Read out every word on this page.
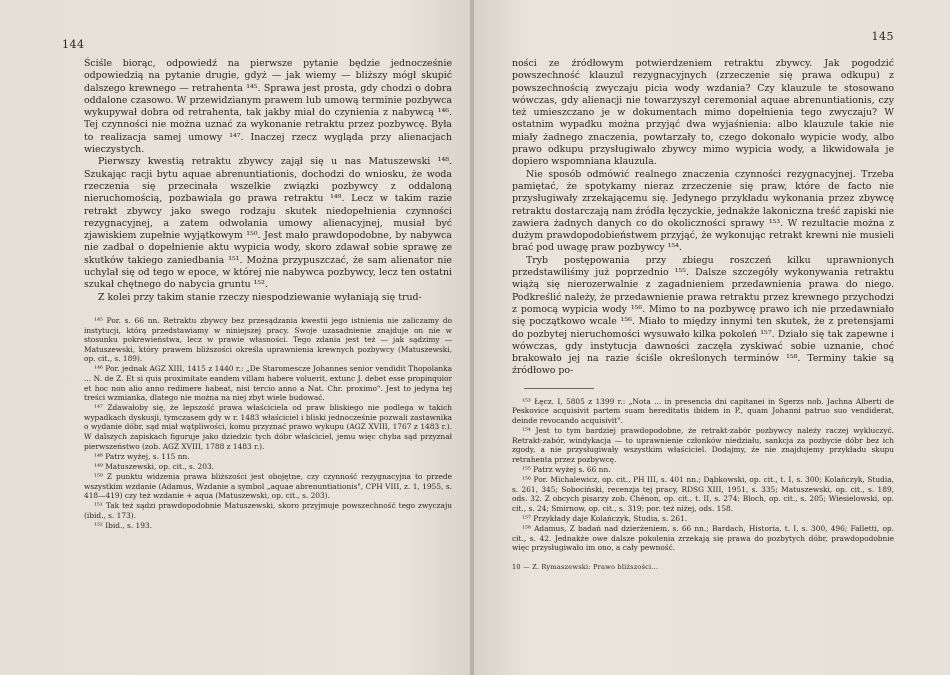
144

Ściśle biorąc, odpowiedź na pierwsze pytanie będzie jednocześnie odpowiedzią na pytanie drugie, gdyż — jak wiemy — bliższy mógł skupić dalszego krewnego — retrahenta ¹⁴⁵. Sprawa jest prosta, gdy chodzi o dobra oddalone czasowo. W przewidzianym prawem lub umową terminie pozbywca wykupywał dobra od retrahenta, tak jakby miał do czynienia z nabywcą ¹⁴⁶. Tej czynności nie można uznać za wykonanie retraktu przez pozbywcę. Była to realizacja samej umowy ¹⁴⁷. Inaczej rzecz wygląda przy alienacjach wieczystych.

Pierwszy kwestią retraktu zbywcy zajął się u nas Matuszewski ¹⁴⁸. Szukając racji bytu aquae abrenuntiationis, dochodzi do wniosku, że woda rzeczenia się przecinała wszelkie związki pozbywcy z oddaloną nieruchomością, pozbawiała go prawa retraktu ¹⁴⁹. Lecz w takim razie retrakt zbywcy jako swego rodzaju skutek niedopełnienia czynności rezygnacyjnej, a zatem odwołania umowy alienacyjnej, musiał być zjawiskiem zupełnie wyjątkowym ¹⁵⁰. Jest mało prawdopodobne, by nabywca nie zadbał o dopełnienie aktu wypicia wody, skoro zdawał sobie sprawę ze skutków takiego zaniedbania ¹⁵¹. Można przypuszczać, że sam alienator nie uchylał się od tego w epoce, w której nie nabywca pozbywcy, lecz ten ostatni szukał chętnego do nabycia gruntu ¹⁵².

Z kolei przy takim stanie rzeczy niespodziewanie wyłaniają się trud-

¹⁴⁵ Por. s. 66 nn. Retraktu zbywcy bez przesądzania kwestii jego istnienia nie zaliczamy do instytucji, którą przedstawiamy w niniejszej pracy. Swoje uzasadnienie znajduje on nie w stosunku pokrewieństwa, lecz w prawie własności. Tego zdania jest też — jak sądzimy — Matuszewski, który prawem bliższości określa uprawnienia krewnych pozbywcy (Matuszewski, op. cit., s. 189).

¹⁴⁶ Por. jednak AGZ XIII, 1415 z 1440 r.: „De Staromescze Johannes senior vendidit Thopolanka ... N. de Z. Et si quis proximitate eandem villam habere voluerit, extunc J. debet esse propinquior et hoc non alio anno redimere habeat, nisi tercio anno a Nat. Chr. proximo". Jest to jedyna tej treści wzmianka, dlatego nie można na niej zbyt wiele budować.

¹⁴⁷ Zdawałoby się, że lepszość prawa właściciela od praw bliskiego nie podlega w takich wypadkach dyskusji, tymczasem gdy w r. 1483 właściciel i bliski jednocześnie pozwali zastawnika o wydanie dóbr, sąd miał wątpliwości, komu przyznać prawo wykupu (AGZ XVIII, 1767 z 1483 r.). W dalszych zapiskach figuruje jako dziedzic tych dóbr właściciel, jemu więc chyba sąd przyznał pierwszeństwo (zob. AGZ XVIII, 1788 z 1483 r.).

¹⁴⁸ Patrz wyżej, s. 115 nn.

¹⁴⁹ Matuszewski, op. cit., s. 203.

¹⁵⁰ Z punktu widzenia prawa bliższości jest obojętne, czy czynność rezygnacyjna to przede wszystkim wzdanie (Adamus, Wzdanie a symbol „aquae abrenuntiationis", CPH VIII, z. 1, 1955, s. 418—419) czy też wzdanie + aqua (Matuszewski, op. cit., s. 203).

¹⁵¹ Tak też sądzi prawdopodobnie Matuszewski, skoro przyjmuje powszechność tego zwyczaju (ibid., s. 173).

¹⁵² Ibid., s. 193.

145

ności ze źródłowym potwierdzeniem retraktu zbywcy. Jak pogodzić powszechność klauzul rezygnacyjnych (zrzeczenie się prawa odkupu) z powszechnością zwyczaju picia wody wzdania? Czy klauzule te stosowano wówczas, gdy alienacji nie towarzyszył ceremoniał aquae abrenuntiationis, czy też umieszczano je w dokumentach mimo dopełnienia tego zwyczaju? W ostatnim wypadku można przyjąć dwa wyjaśnienia: albo klauzule takie nie miały żadnego znaczenia, powtarzały to, czego dokonało wypicie wody, albo prawo odkupu przysługiwało zbywcy mimo wypicia wody, a likwidowała je dopiero wspomniana klauzula.

Nie sposób odmówić realnego znaczenia czynności rezygnacyjnej. Trzeba pamiętać, że spotykamy nieraz zrzeczenie się praw, które de facto nie przysługiwały zrzekającemu się. Jedynego przykładu wykonania przez zbywcę retraktu dostarczają nam źródła łęczyckie, jednakże lakoniczna treść zapiski nie zawiera żadnych danych co do okoliczności sprawy ¹⁵³. W rezultacie można z dużym prawdopodobieństwem przyjąć, że wykonując retrakt krewni nie musieli brać pod uwagę praw pozbywcy ¹⁵⁴.

Tryb postępowania przy zbiegu roszczeń kilku uprawnionych przedstawiliśmy już poprzednio ¹⁵⁵. Dalsze szczegóły wykonywania retraktu wiążą się nierozerwalnie z zagadnieniem przedawnienia prawa do niego. Podkreślić należy, że przedawnienie prawa retraktu przez krewnego przychodzi z pomocą wypicia wody ¹⁵⁶. Mimo to na pozbywcę prawo ich nie przedawniało się początkowo wcale ¹⁵⁶. Miało to między innymi ten skutek, że z pretensjami do pozbytej nieruchomości wysuwało kilka pokoleń ¹⁵⁷. Działo się tak zapewne i wówczas, gdy instytucja dawności zaczęła zyskiwać sobie uznanie, choć brakowało jej na razie ściśle określonych terminów ¹⁵⁸. Terminy takie są źródłowo po-

¹⁵³ Łęcz. I, 5805 z 1399 r.: „Nota ... in presencia dni capitanei in Sgerzs nob. Jachna Alberti de Peskovice acquisivit partem suam hereditatis ibidem in P., quam Johanni patruo suo vendiderat, deinde revocando acquisivit".

¹⁵⁴ Jest to tym bardziej prawdopodobne, że retrakt-zabór pozbywcy należy raczej wykluczyć. Retrakt-zabór, windykacja — to uprawnienie członków niedziału, sankcja za pozbycie dóbr bez ich zgody, a nie przysługiwały wszystkim właściciel. Dodajmy, że nie znajdujemy przykładu skupu retrahenta przez pozbywcę.

¹⁵⁵ Patrz wyżej s. 66 nn.

¹⁵⁶ Por. Michalewicz, op. cit., PH III, s. 401 nn.; Dąbkowski, op. cit., t. I, s. 300; Kolańczyk, Studia, s. 261, 345; Sobociński, recenzja tej pracy, RDSG XIII, 1951, s. 335; Matuszewski, op. cit., s. 189, ods. 32. Z obcych pisarzy zob. Chénon, op. cit., t. II, s. 274; Bloch, op. cit., s. 205; Wiesielowski, op. cit., s. 24; Smirnow, op. cit., s. 319; por. też niżej, ods. 158.

¹⁵⁷ Przykłady daje Kolańczyk, Studia, s. 261.

¹⁵⁸ Adamus, Z badań nad dzierżeniem, s. 66 nn.; Bardach, Historia, t. I, s. 300, 496; Falletti, op. cit., s. 42. Jednakże owe dalsze pokolenia zrzekają się prawa do pozbytych dóbr, prawdopodobnie więc przysługiwało im ono, a cały pewność.

10 — Z. Rymaszewski: Prawo bliższości...
